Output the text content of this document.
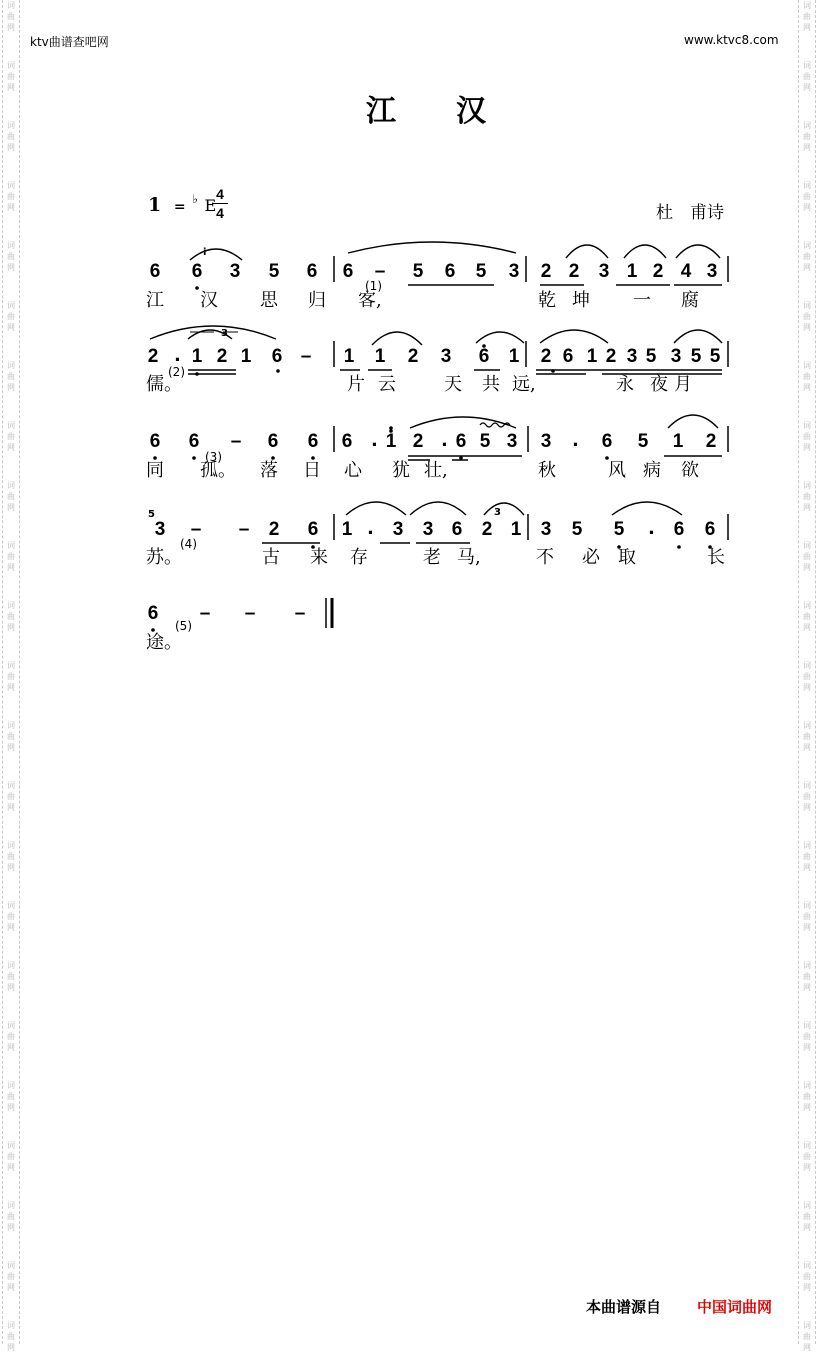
词
曲
网
词
曲
网
词
曲
网
词
曲
网
词
曲
网
词
曲
网
词
曲
网
词
曲
网
词
曲
网
词
曲
网
词
曲
网
词
曲
网
词
曲
网
词
曲
网
词
曲
网
词
曲
网
词
曲
网
词
曲
网
词
曲
网
词
曲
网
词
曲
网
词
曲
网
词
曲
网
词
曲
网
词
曲
网
词
曲
网
词
曲
网
词
曲
网
词
曲
网
词
曲
网
词
曲
网
词
曲
网
词
曲
网
词
曲
网
词
曲
网
词
曲
网
词
曲
网
词
曲
网
词
曲
网
词
曲
网
词
曲
网
词
曲
网
词
曲
网
词
曲
网
词
曲
网
词
曲
网
ktv曲谱查吧网	www.ktvc8.com
江　　汉
1 = ♭ E
4
4	杜　甫诗
6 6 3 5 6 6 – 5 6 5 3 2 2 3 1 2 4 3
江 汉 思 归 客,	乾 坤 一 腐
2 · 1 2 1 6 – 1 1 2 3 6 1 2 6 1 2 3 5 3 5 5
儒。	片 云	天 共 远,	永 夜 月
6 6 – 6 6 6 · 1 2 · 6 5 3 3 · 6 5 1 2
同 孤。 落 日 心 犹 壮,	秋	风 病 欲
3 – – 2 6 1 · 3 3 6 2 1 3 5 5 · 6 6
苏。	古 来 存	老 马,	不 必 取	长
6 – – –
途。
(1)
(2)
(3)
(4)
(5)
i
3
3
5
本曲谱源自 中国词曲网
